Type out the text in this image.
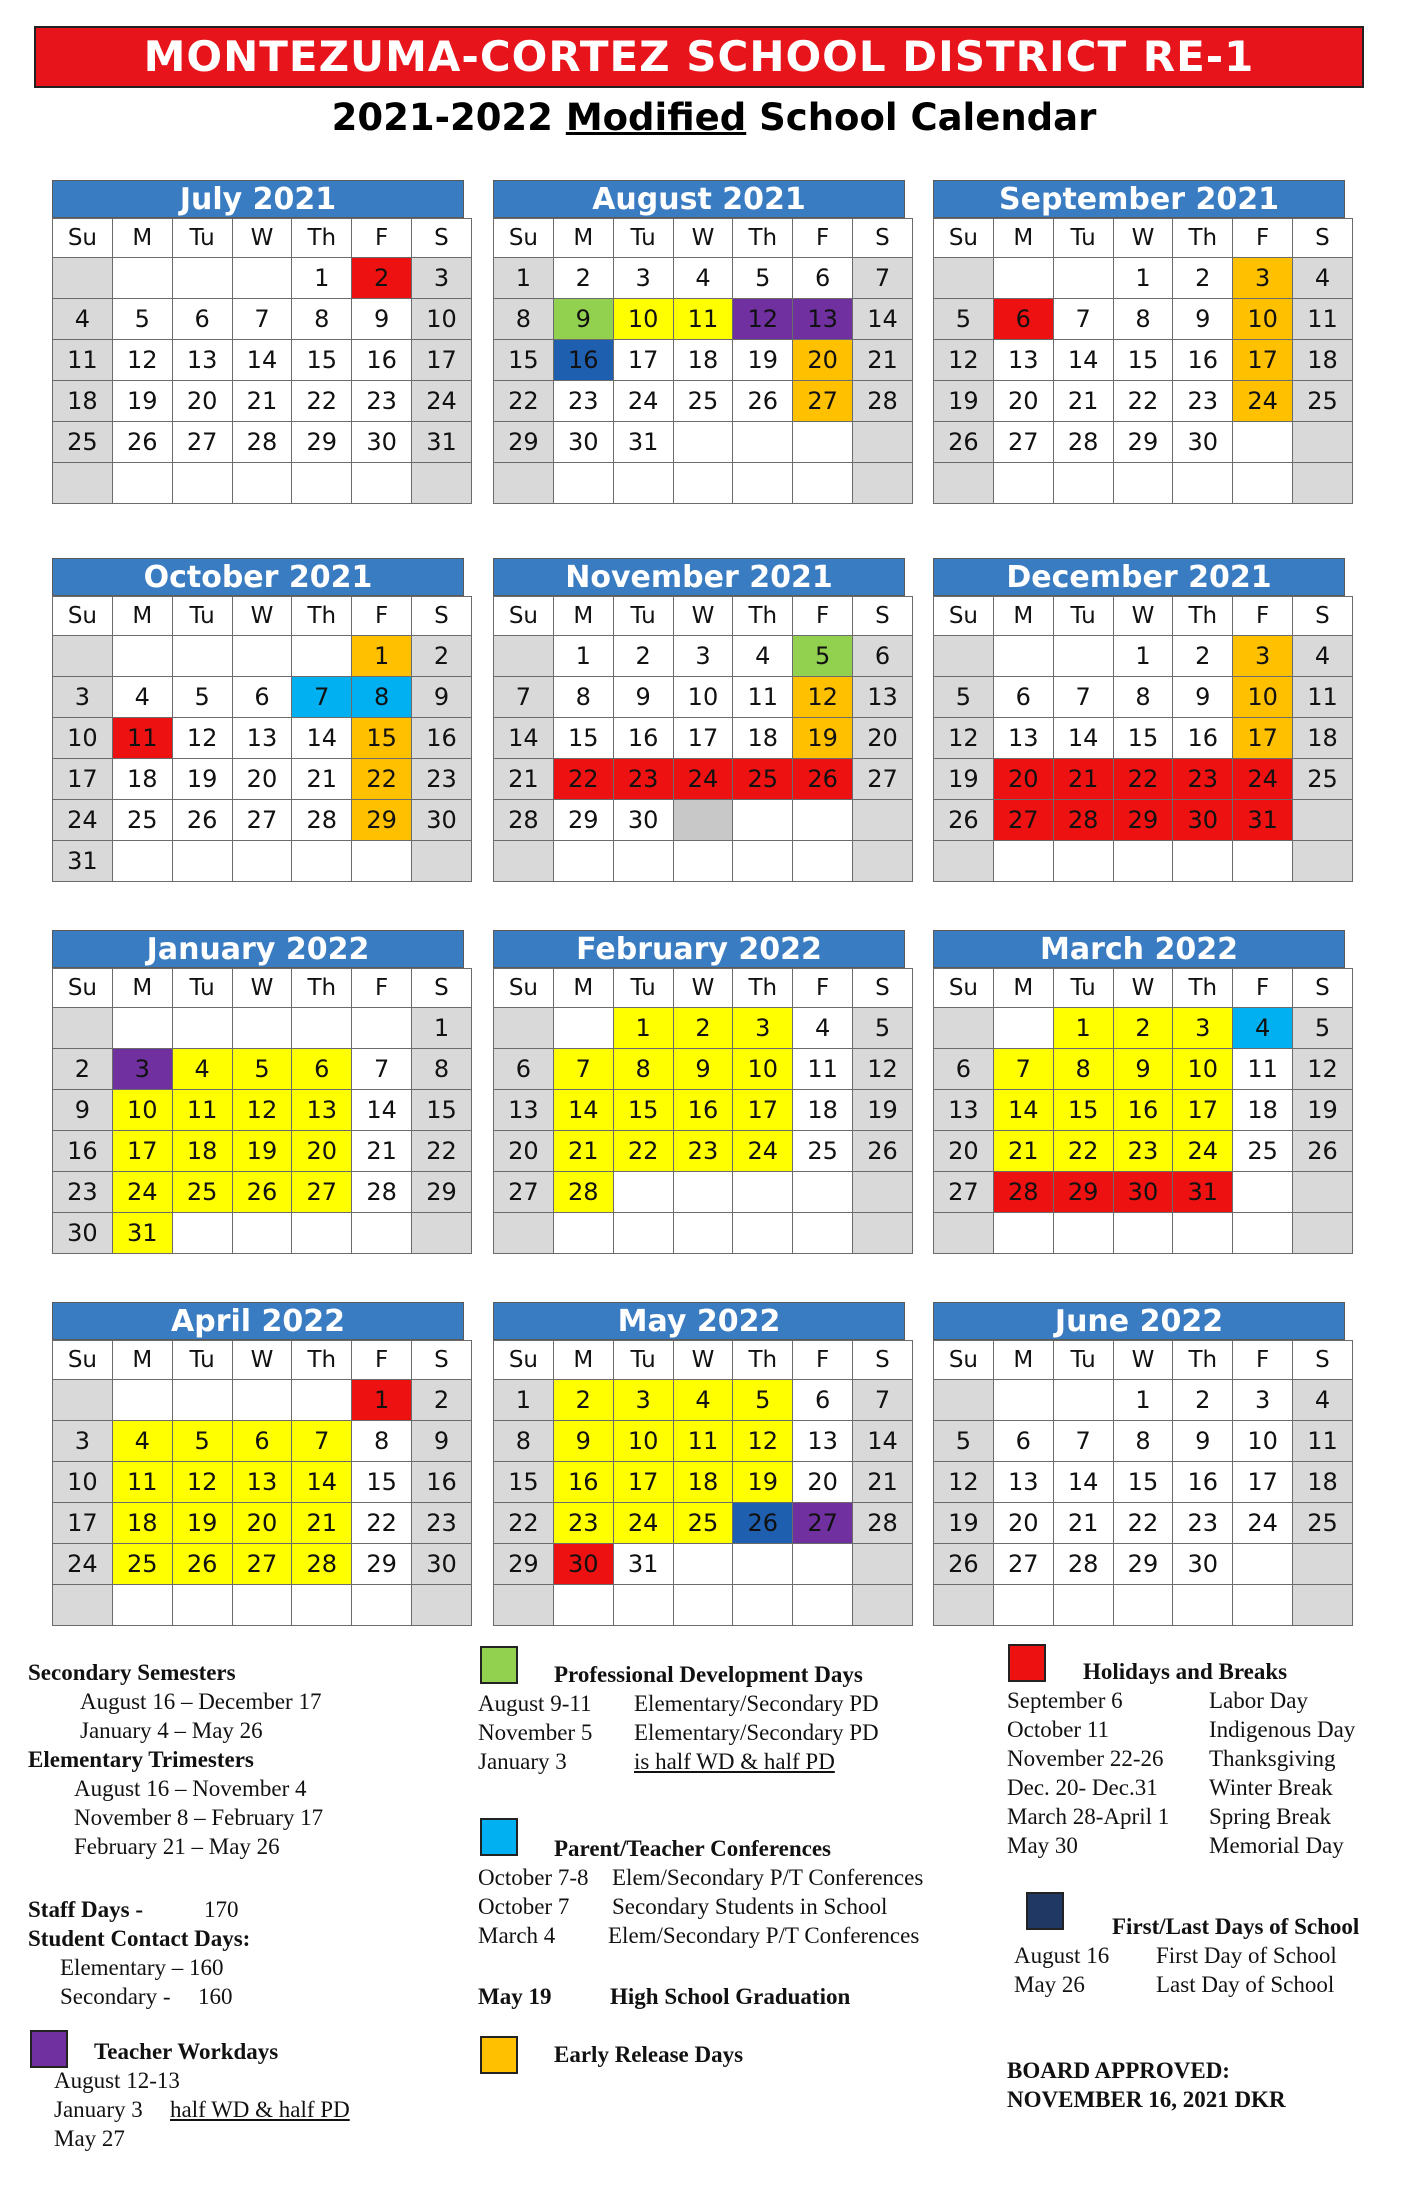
MONTEZUMA-CORTEZ SCHOOL DISTRICT RE-1
2021-2022 Modified School Calendar
July 2021
Su	M	Tu	W	Th	F	S
				1	2	3
4	5	6	7	8	9	10
11	12	13	14	15	16	17
18	19	20	21	22	23	24
25	26	27	28	29	30	31

August 2021
Su	M	Tu	W	Th	F	S
1	2	3	4	5	6	7
8	9	10	11	12	13	14
15	16	17	18	19	20	21
22	23	24	25	26	27	28
29	30	31				

September 2021
Su	M	Tu	W	Th	F	S
			1	2	3	4
5	6	7	8	9	10	11
12	13	14	15	16	17	18
19	20	21	22	23	24	25
26	27	28	29	30		

October 2021
Su	M	Tu	W	Th	F	S
					1	2
3	4	5	6	7	8	9
10	11	12	13	14	15	16
17	18	19	20	21	22	23
24	25	26	27	28	29	30
31						
November 2021
Su	M	Tu	W	Th	F	S
	1	2	3	4	5	6
7	8	9	10	11	12	13
14	15	16	17	18	19	20
21	22	23	24	25	26	27
28	29	30				

December 2021
Su	M	Tu	W	Th	F	S
			1	2	3	4
5	6	7	8	9	10	11
12	13	14	15	16	17	18
19	20	21	22	23	24	25
26	27	28	29	30	31	

January 2022
Su	M	Tu	W	Th	F	S
						1
2	3	4	5	6	7	8
9	10	11	12	13	14	15
16	17	18	19	20	21	22
23	24	25	26	27	28	29
30	31					
February 2022
Su	M	Tu	W	Th	F	S
		1	2	3	4	5
6	7	8	9	10	11	12
13	14	15	16	17	18	19
20	21	22	23	24	25	26
27	28					

March 2022
Su	M	Tu	W	Th	F	S
		1	2	3	4	5
6	7	8	9	10	11	12
13	14	15	16	17	18	19
20	21	22	23	24	25	26
27	28	29	30	31		

April 2022
Su	M	Tu	W	Th	F	S
					1	2
3	4	5	6	7	8	9
10	11	12	13	14	15	16
17	18	19	20	21	22	23
24	25	26	27	28	29	30

May 2022
Su	M	Tu	W	Th	F	S
1	2	3	4	5	6	7
8	9	10	11	12	13	14
15	16	17	18	19	20	21
22	23	24	25	26	27	28
29	30	31				

June 2022
Su	M	Tu	W	Th	F	S
			1	2	3	4
5	6	7	8	9	10	11
12	13	14	15	16	17	18
19	20	21	22	23	24	25
26	27	28	29	30		

Secondary Semesters
August 16 – December 17
January 4 – May 26
Elementary Trimesters
August 16 – November 4
November 8 – February 17
February 21 – May 26
Staff Days -	170
Student Contact Days:
Elementary – 160
Secondary - 160
Teacher Workdays
August 12-13
January 3 half WD & half PD
May 27
Professional Development Days
August 9-11 Elementary/Secondary PD
November 5 Elementary/Secondary PD
January 3	is half WD & half PD
Parent/Teacher Conferences
October 7-8 Elem/Secondary P/T Conferences
October 7 Secondary Students in School
March 4 Elem/Secondary P/T Conferences
May 19	High School Graduation
Early Release Days
Holidays and Breaks
September 6	Labor Day
October 11	Indigenous Day
November 22-26 Thanksgiving
Dec. 20- Dec.31 Winter Break
March 28-April 1 Spring Break
May 30	Memorial Day
First/Last Days of School
August 16 First Day of School
May 26	Last Day of School
BOARD APPROVED:
NOVEMBER 16, 2021 DKR
